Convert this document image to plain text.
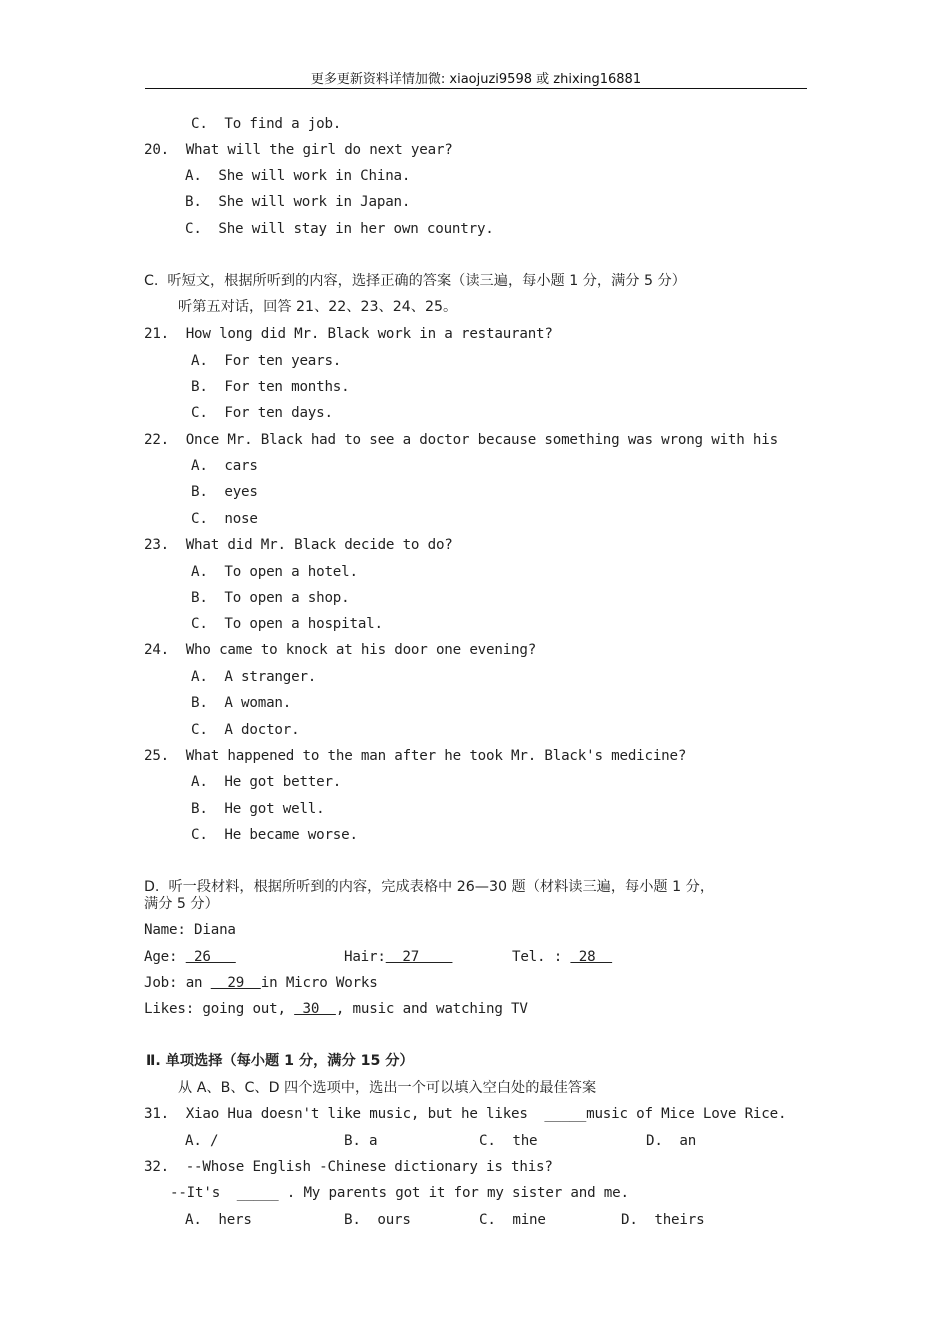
更多更新资料详情加微: xiaojuzi9598 或 zhixing16881
C.  To find a job.
20.  What will the girl do next year?
A.  She will work in China.
B.  She will work in Japan.
C.  She will stay in her own country.
C.  听短文，根据所听到的内容，选择正确的答案（读三遍，每小题 1 分，满分 5 分）
听第五对话，回答 21、22、23、24、25。
21.  How long did Mr. Black work in a restaurant?
A.  For ten years.
B.  For ten months.
C.  For ten days.
22.  Once Mr. Black had to see a doctor because something was wrong with his
A.  cars
B.  eyes
C.  nose
23.  What did Mr. Black decide to do?
A.  To open a hotel.
B.  To open a shop.
C.  To open a hospital.
24.  Who came to knock at his door one evening?
A.  A stranger.
B.  A woman.
C.  A doctor.
25.  What happened to the man after he took Mr. Black's medicine?
A.  He got better.
B.  He got well.
C.  He became worse.
D.  听一段材料，根据所听到的内容，完成表格中 26—30 题（材料读三遍，每小题 1 分，
满分 5 分）
Name: Diana
Age:  26	Hair:  27	Tel. :  28
Job: an   29  in Micro Works
Likes: going out,  30  , music and watching TV
Ⅱ. 单项选择（每小题 1 分，满分 15 分）
从 A、B、C、D 四个选项中，选出一个可以填入空白处的最佳答案
31.  Xiao Hua doesn't like music, but he likes  _____music of Mice Love Rice.
A. /	B. a	C.  the	D.  an
32.  --Whose English -Chinese dictionary is this?
--It's  _____ . My parents got it for my sister and me.
A.  hers	B.  ours	C.  mine	D.  theirs
